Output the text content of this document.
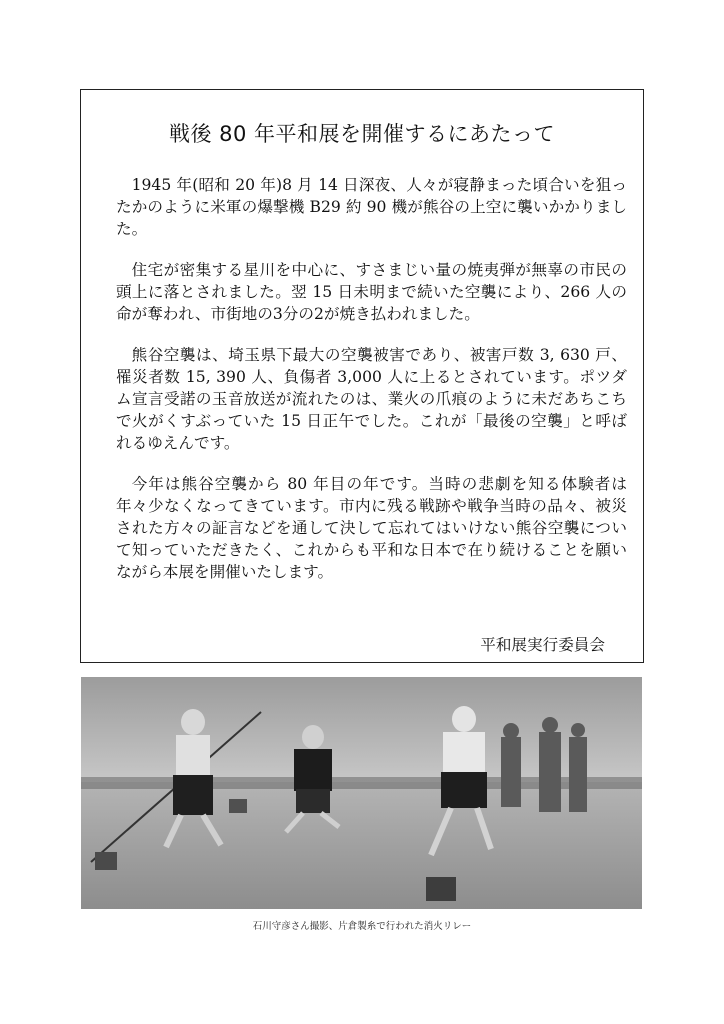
戦後 80 年平和展を開催するにあたって

1945 年(昭和 20 年)8 月 14 日深夜、人々が寝静まった頃合いを狙ったかのように米軍の爆撃機 B29 約 90 機が熊谷の上空に襲いかかりました。

住宅が密集する星川を中心に、すさまじい量の焼夷弾が無辜の市民の頭上に落とされました。翌 15 日未明まで続いた空襲により、266 人の命が奪われ、市街地の3分の2が焼き払われました。

熊谷空襲は、埼玉県下最大の空襲被害であり、被害戸数 3, 630 戸、罹災者数 15, 390 人、負傷者 3,000 人に上るとされています。ポツダム宣言受諾の玉音放送が流れたのは、業火の爪痕のように未だあちこちで火がくすぶっていた 15 日正午でした。これが「最後の空襲」と呼ばれるゆえんです。

今年は熊谷空襲から 80 年目の年です。当時の悲劇を知る体験者は年々少なくなってきています。市内に残る戦跡や戦争当時の品々、被災された方々の証言などを通して決して忘れてはいけない熊谷空襲について知っていただきたく、これからも平和な日本で在り続けることを願いながら本展を開催いたします。

平和展実行委員会

石川守彦さん撮影、片倉製糸で行われた消火リレー
